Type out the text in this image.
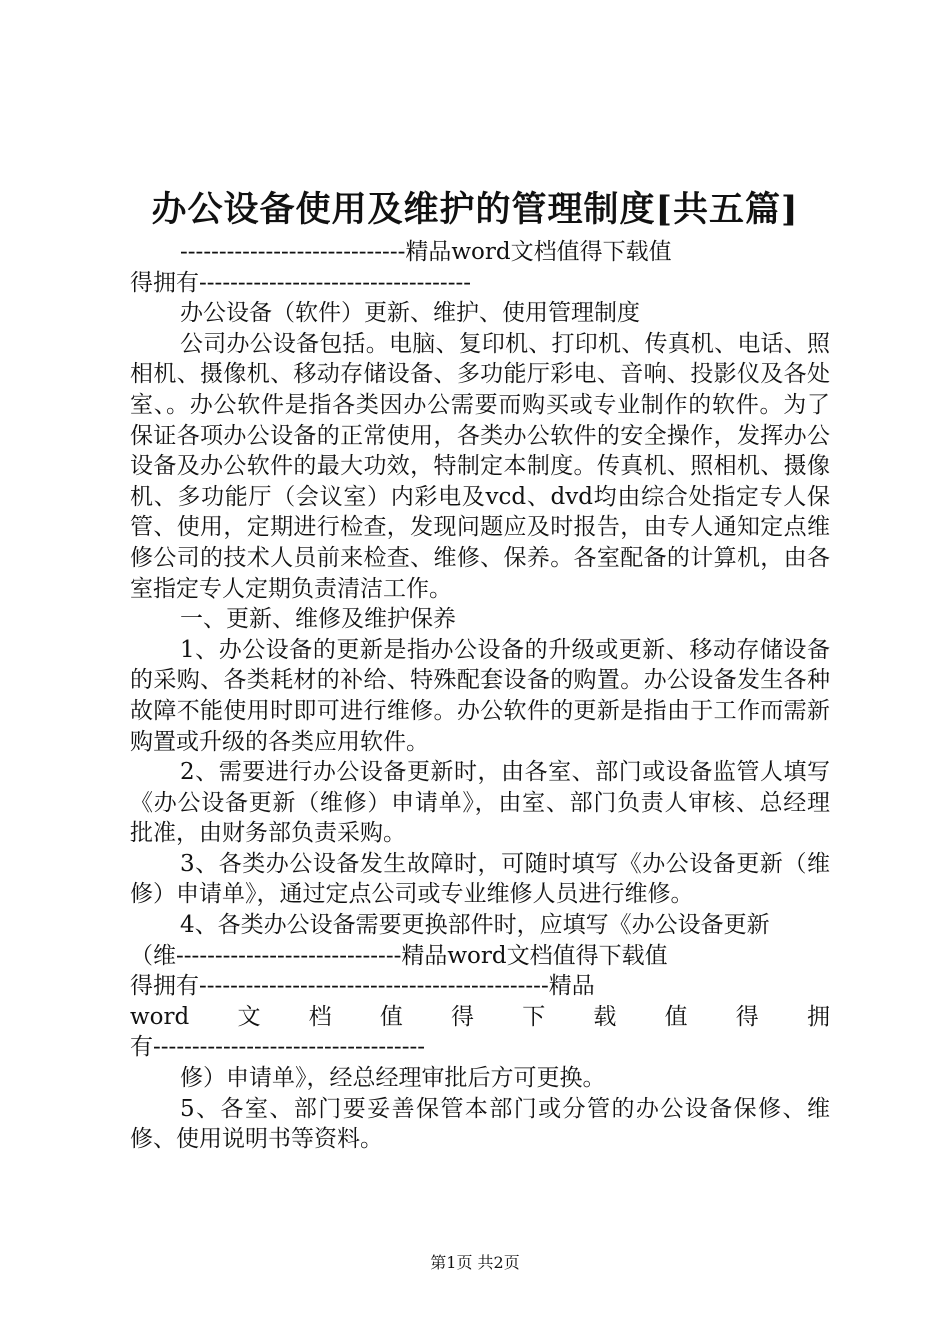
办公设备使用及维护的管理制度[共五篇]

-----------------------------精品word文档值得下载值

得拥有-----------------------------------

办公设备（软件）更新、维护、使用管理制度

公司办公设备包括。电脑、复印机、打印机、传真机、电话、照相机、摄像机、移动存储设备、多功能厅彩电、音响、投影仪及各处室、。办公软件是指各类因办公需要而购买或专业制作的软件。为了保证各项办公设备的正常使用，各类办公软件的安全操作，发挥办公设备及办公软件的最大功效，特制定本制度。传真机、照相机、摄像机、多功能厅（会议室）内彩电及vcd、dvd均由综合处指定专人保管、使用，定期进行检查，发现问题应及时报告，由专人通知定点维修公司的技术人员前来检查、维修、保养。各室配备的计算机，由各室指定专人定期负责清洁工作。

一、更新、维修及维护保养

1、办公设备的更新是指办公设备的升级或更新、移动存储设备的采购、各类耗材的补给、特殊配套设备的购置。办公设备发生各种故障不能使用时即可进行维修。办公软件的更新是指由于工作而需新购置或升级的各类应用软件。

2、需要进行办公设备更新时，由各室、部门或设备监管人填写《办公设备更新（维修）申请单》，由室、部门负责人审核、总经理批准，由财务部负责采购。

3、各类办公设备发生故障时，可随时填写《办公设备更新（维修）申请单》，通过定点公司或专业维修人员进行维修。

4、各类办公设备需要更换部件时，应填写《办公设备更新

（维-----------------------------精品word文档值得下载值

得拥有---------------------------------------------精品

word 文 档 值 得 下 载 值 得 拥

有-----------------------------------

修）申请单》，经总经理审批后方可更换。

5、各室、部门要妥善保管本部门或分管的办公设备保修、维修、使用说明书等资料。

第1页 共2页
